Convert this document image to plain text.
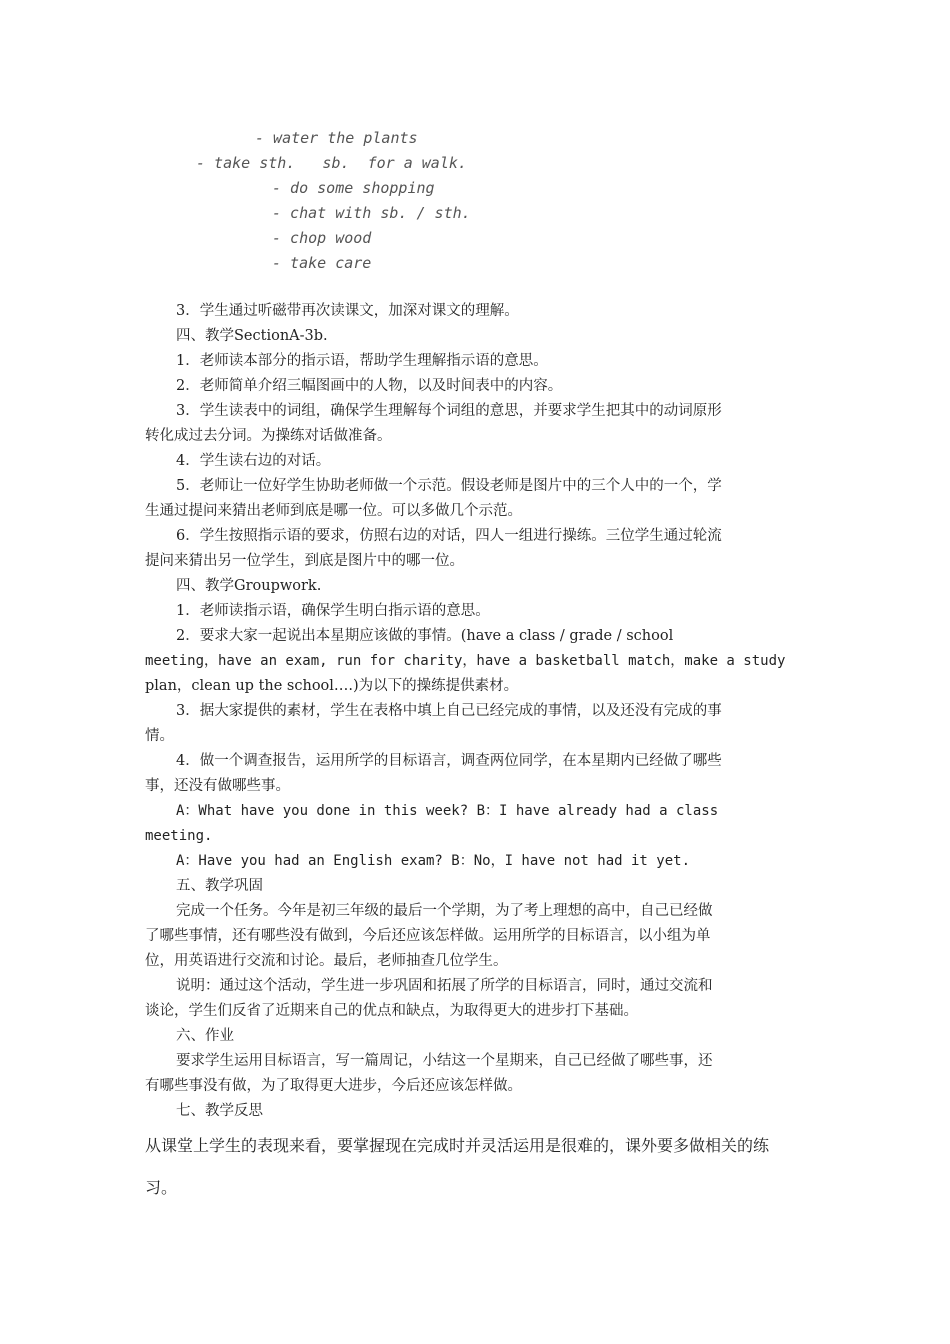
- water the plants
- take sth.   sb.  for a walk.
- do some shopping
- chat with sb. / sth.
- chop wood
- take care
3．学生通过听磁带再次读课文，加深对课文的理解。
四、教学SectionA-3b.
1．老师读本部分的指示语，帮助学生理解指示语的意思。
2．老师简单介绍三幅图画中的人物，以及时间表中的内容。
3．学生读表中的词组，确保学生理解每个词组的意思，并要求学生把其中的动词原形
转化成过去分词。为操练对话做准备。
4．学生读右边的对话。
5．老师让一位好学生协助老师做一个示范。假设老师是图片中的三个人中的一个，学
生通过提问来猜出老师到底是哪一位。可以多做几个示范。
6．学生按照指示语的要求，仿照右边的对话，四人一组进行操练。三位学生通过轮流
提问来猜出另一位学生，到底是图片中的哪一位。
四、教学Groupwork.
1．老师读指示语，确保学生明白指示语的意思。
2．要求大家一起说出本星期应该做的事情。(have a class / grade / school
meeting，have an exam, run for charity，have a basketball match，make a study
plan，clean up the school….)为以下的操练提供素材。
3．据大家提供的素材，学生在表格中填上自己已经完成的事情，以及还没有完成的事
情。
4．做一个调查报告，运用所学的目标语言，调查两位同学，在本星期内已经做了哪些
事，还没有做哪些事。
A：What have you done in this week? B：I have already had a class
meeting.
A：Have you had an English exam? B：No，I have not had it yet.
五、教学巩固
完成一个任务。今年是初三年级的最后一个学期，为了考上理想的高中，自己已经做
了哪些事情，还有哪些没有做到，今后还应该怎样做。运用所学的目标语言，以小组为单
位，用英语进行交流和讨论。最后，老师抽查几位学生。
说明：通过这个活动，学生进一步巩固和拓展了所学的目标语言，同时，通过交流和
谈论，学生们反省了近期来自己的优点和缺点，为取得更大的进步打下基础。
六、作业
要求学生运用目标语言，写一篇周记，小结这一个星期来，自己已经做了哪些事，还
有哪些事没有做，为了取得更大进步，今后还应该怎样做。
七、教学反思
从课堂上学生的表现来看，要掌握现在完成时并灵活运用是很难的，课外要多做相关的练
习。
